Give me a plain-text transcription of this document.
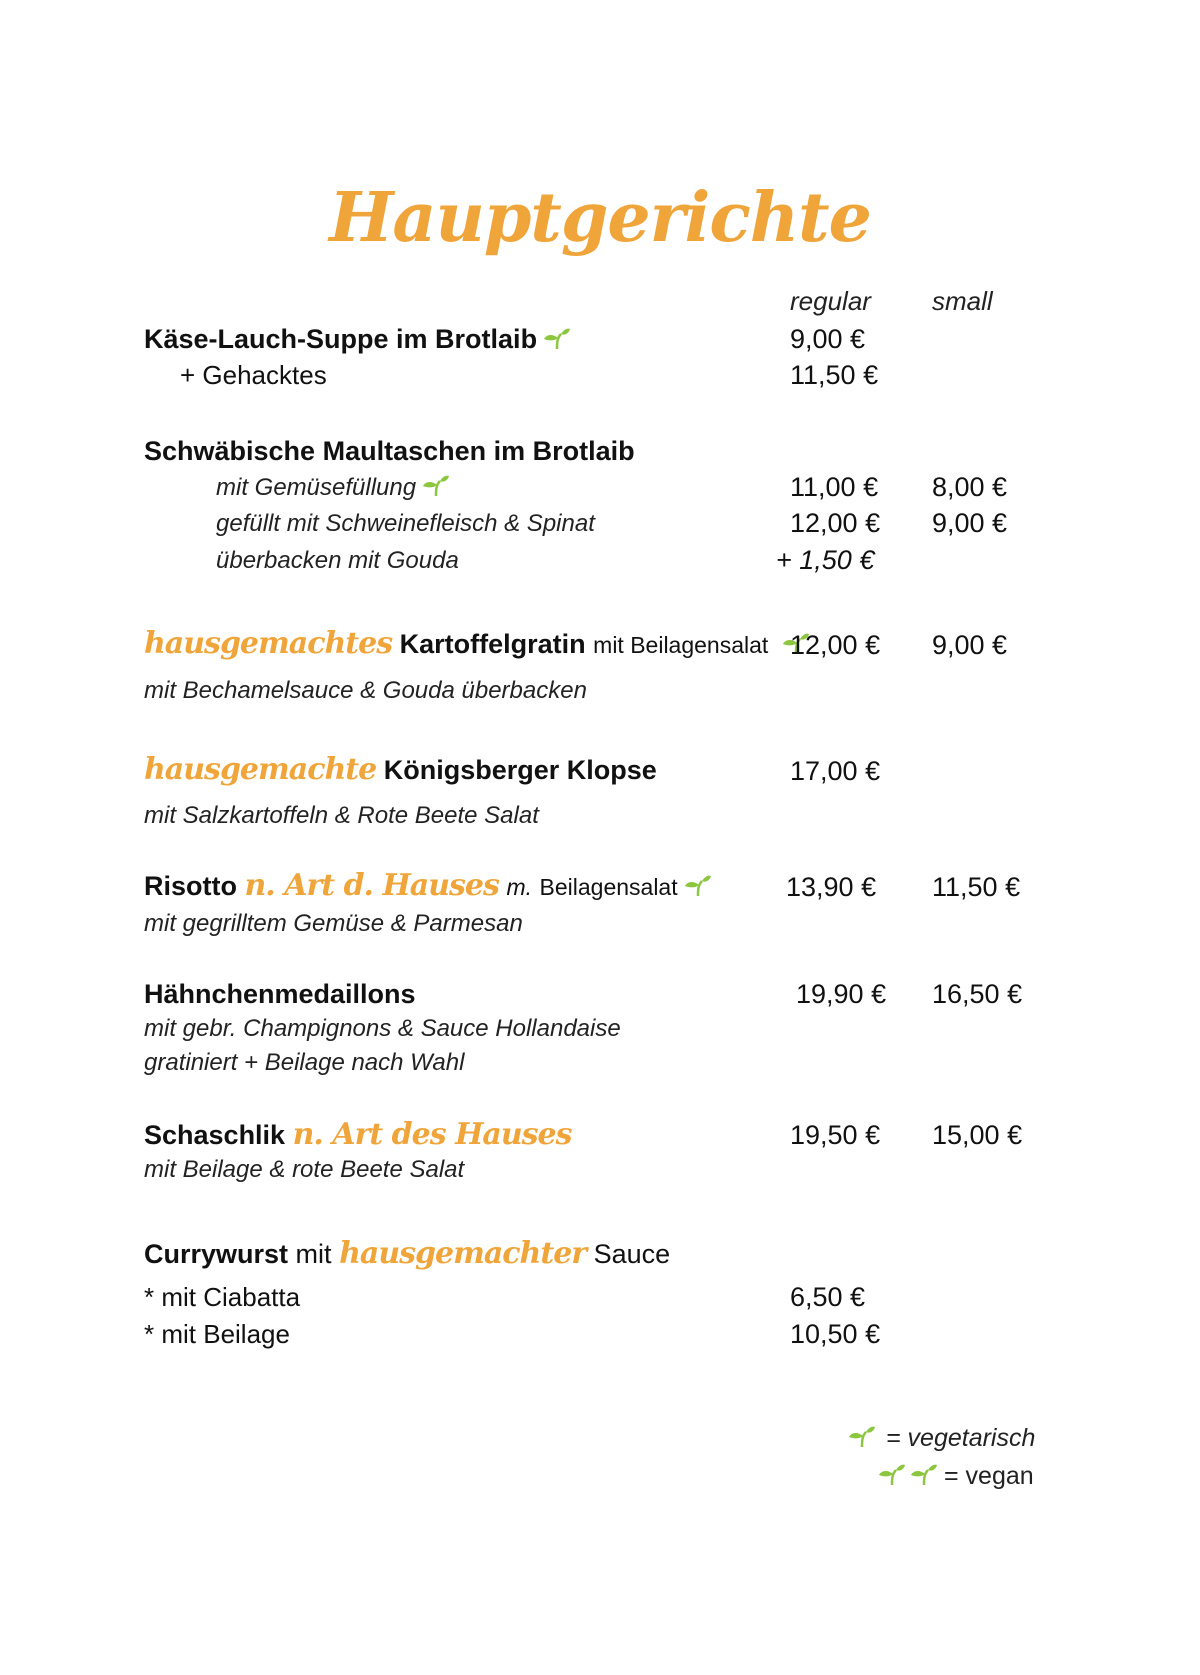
Hauptgerichte
regular small
Käse-Lauch-Suppe im Brotlaib	9,00 €
+ Gehacktes	11,50 €
Schwäbische Maultaschen im Brotlaib
mit Gemüsefüllung	11,00 € 8,00 €
gefüllt mit Schweinefleisch & Spinat	12,00 € 9,00 €
überbacken mit Gouda	+ 1,50 €
hausgemachtes Kartoffelgratin mit Beilagensalat 12,00 € 9,00 €
mit Bechamelsauce & Gouda überbacken
hausgemachte Königsberger Klopse	17,00 €
mit Salzkartoffeln & Rote Beete Salat
Risotto n. Art d. Hauses m. Beilagensalat	13,90 € 11,50 €
mit gegrilltem Gemüse & Parmesan
Hähnchenmedaillons	19,90 € 16,50 €
mit gebr. Champignons & Sauce Hollandaise
gratiniert + Beilage nach Wahl
Schaschlik n. Art des Hauses	19,50 € 15,00 €
mit Beilage & rote Beete Salat
Currywurst mit hausgemachter Sauce
* mit Ciabatta	6,50 €
* mit Beilage	10,50 €
= vegetarisch
= vegan
